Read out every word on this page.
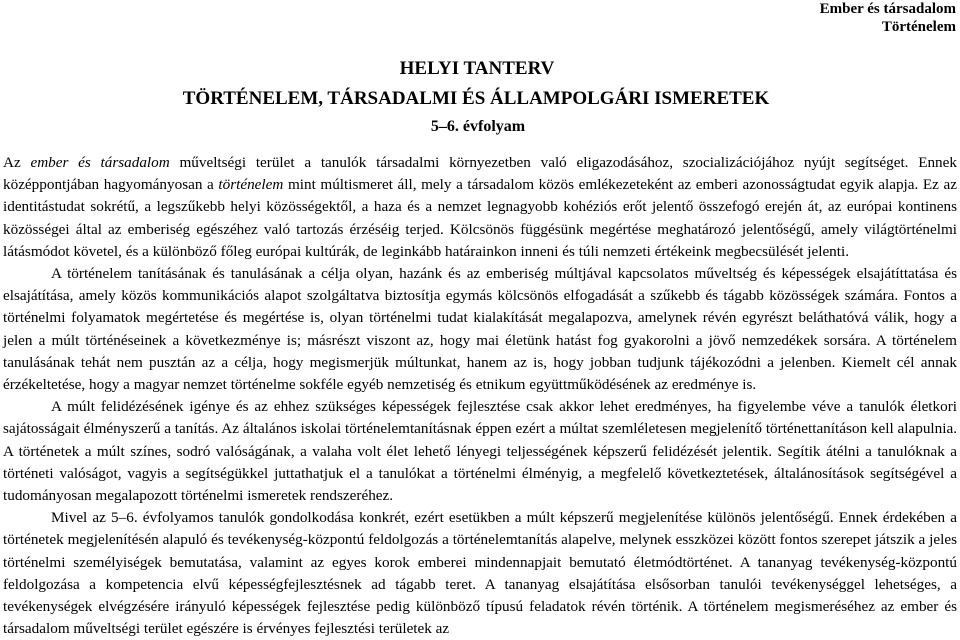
Ember és társadalom
Történelem
HELYI TANTERV
TÖRTÉNELEM, TÁRSADALMI ÉS ÁLLAMPOLGÁRI ISMERETEK
5–6. évfolyam

Az ember és társadalom műveltségi terület a tanulók társadalmi környezetben való eligazodásához, szocializációjához nyújt segítséget. Ennek középpontjában hagyományosan a történelem mint múltismeret áll, mely a társadalom közös emlékezeteként az emberi azonosságtudat egyik alapja. Ez az identitástudat sokrétű, a legszűkebb helyi közösségektől, a haza és a nemzet legnagyobb kohéziós erőt jelentő összefogó erején át, az európai kontinens közösségei által az emberiség egészéhez való tartozás érzéséig terjed. Kölcsönös függésünk megértése meghatározó jelentőségű, amely világtörténelmi látásmódot követel, és a különböző főleg európai kultúrák, de leginkább határainkon inneni és túli nemzeti értékeink megbecsülését jelenti.

A történelem tanításának és tanulásának a célja olyan, hazánk és az emberiség múltjával kapcsolatos műveltség és képességek elsajátíttatása és elsajátítása, amely közös kommunikációs alapot szolgáltatva biztosítja egymás kölcsönös elfogadását a szűkebb és tágabb közösségek számára. Fontos a történelmi folyamatok megértetése és megértése is, olyan történelmi tudat kialakítását megalapozva, amelynek révén egyrészt beláthatóvá válik, hogy a jelen a múlt történéseinek a következménye is; másrészt viszont az, hogy mai életünk hatást fog gyakorolni a jövő nemzedékek sorsára. A történelem tanulásának tehát nem pusztán az a célja, hogy megismerjük múltunkat, hanem az is, hogy jobban tudjunk tájékozódni a jelenben. Kiemelt cél annak érzékeltetése, hogy a magyar nemzet történelme sokféle egyéb nemzetiség és etnikum együttműködésének az eredménye is.

A múlt felidézésének igénye és az ehhez szükséges képességek fejlesztése csak akkor lehet eredményes, ha figyelembe véve a tanulók életkori sajátosságait élményszerű a tanítás. Az általános iskolai történelemtanításnak éppen ezért a múltat szemléletesen megjelenítő történettanításon kell alapulnia. A történetek a múlt színes, sodró valóságának, a valaha volt élet lehető lényegi teljességének képszerű felidézését jelentik. Segítik átélni a tanulóknak a történeti valóságot, vagyis a segítségükkel juttathatjuk el a tanulókat a történelmi élményig, a megfelelő következtetések, általánosítások segítségével a tudományosan megalapozott történelmi ismeretek rendszeréhez.

Mivel az 5–6. évfolyamos tanulók gondolkodása konkrét, ezért esetükben a múlt képszerű megjelenítése különös jelentőségű. Ennek érdekében a történetek megjelenítésén alapuló és tevékenység-központú feldolgozás a történelemtanítás alapelve, melynek esszközei között fontos szerepet játszik a jeles történelmi személyiségek bemutatása, valamint az egyes korok emberei mindennapjait bemutató életmódtörténet. A tananyag tevékenység-központú feldolgozása a kompetencia elvű képességfejlesztésnek ad tágabb teret. A tananyag elsajátítása elsősorban tanulói tevékenységgel lehetséges, a tevékenységek elvégzésére irányuló képességek fejlesztése pedig különböző típusú feladatok révén történik. A történelem megismeréséhez az ember és társadalom műveltségi terület egészére is érvényes fejlesztési területek az
